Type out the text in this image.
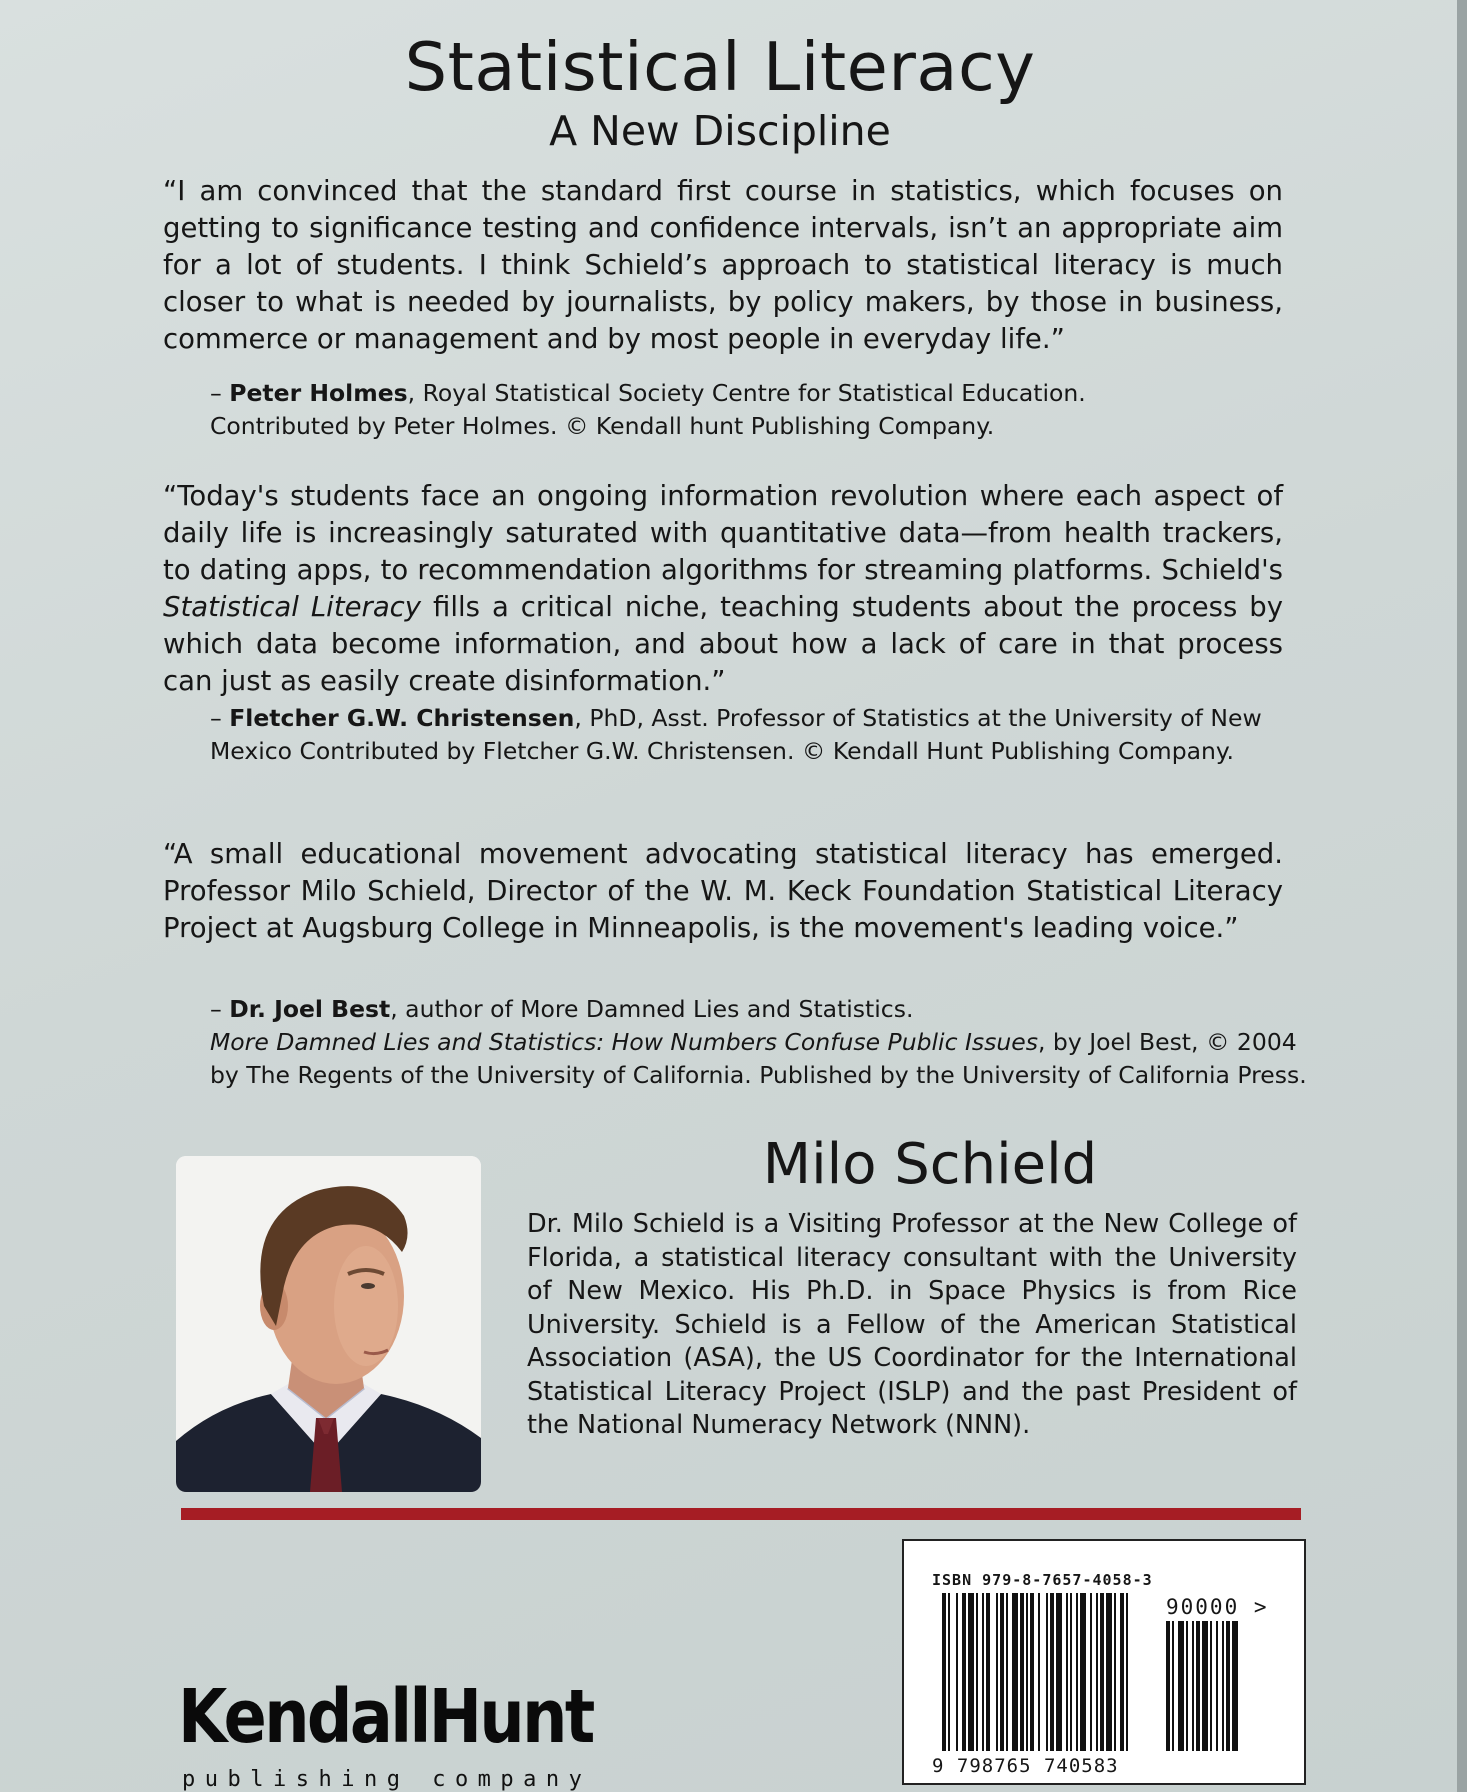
Statistical Literacy
A New Discipline
“I am convinced that the standard first course in statistics, which focuses on getting to significance testing and confidence intervals, isn’t an appropriate aim for a lot of students. I think Schield’s approach to statistical literacy is much closer to what is needed by journalists, by policy makers, by those in business, commerce or management and by most people in everyday life.”
– Peter Holmes, Royal Statistical Society Centre for Statistical Education.
Contributed by Peter Holmes. © Kendall hunt Publishing Company.
“Today's students face an ongoing information revolution where each aspect of daily life is increasingly saturated with quantitative data—from health trackers, to dating apps, to recommendation algorithms for streaming platforms. Schield's Statistical Literacy fills a critical niche, teaching students about the process by which data become information, and about how a lack of care in that process can just as easily create disinformation.”
– Fletcher G.W. Christensen, PhD, Asst. Professor of Statistics at the University of New Mexico Contributed by Fletcher G.W. Christensen. © Kendall Hunt Publishing Company.
“A small educational movement advocating statistical literacy has emerged. Professor Milo Schield, Director of the W. M. Keck Foundation Statistical Literacy Project at Augsburg College in Minneapolis, is the movement's leading voice.”
– Dr. Joel Best, author of More Damned Lies and Statistics.
More Damned Lies and Statistics: How Numbers Confuse Public Issues, by Joel Best, © 2004 by The Regents of the University of California. Published by the University of California Press.
Milo Schield
Dr. Milo Schield is a Visiting Professor at the New College of Florida, a statistical literacy consultant with the University of New Mexico. His Ph.D. in Space Physics is from Rice University. Schield is a Fellow of the American Statistical Association (ASA), the US Coordinator for the International Statistical Literacy Project (ISLP) and the past President of the National Numeracy Network (NNN).
ISBN 979-8-7657-4058-3
90000 >
9 798765 740583
KendallHunt
publishing company
